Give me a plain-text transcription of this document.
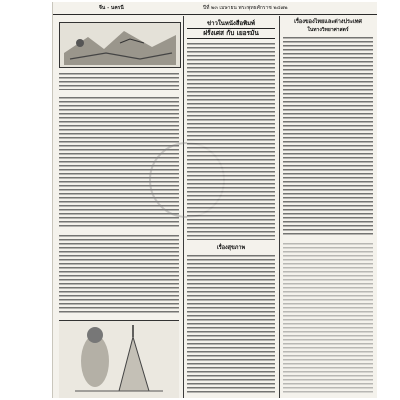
จีน - นครนี	ปีที่ ๒๓ เมษายน พระพุทธศักราช ๒๔๗๒
ข่าวในหนังสือพิมพ์
ฝรั่งเศส กับ เยอรมัน
เรื่องสุขภาพ
เรื่องของไทยและต่างประเทศ
ในทางวิทยาศาสตร์
